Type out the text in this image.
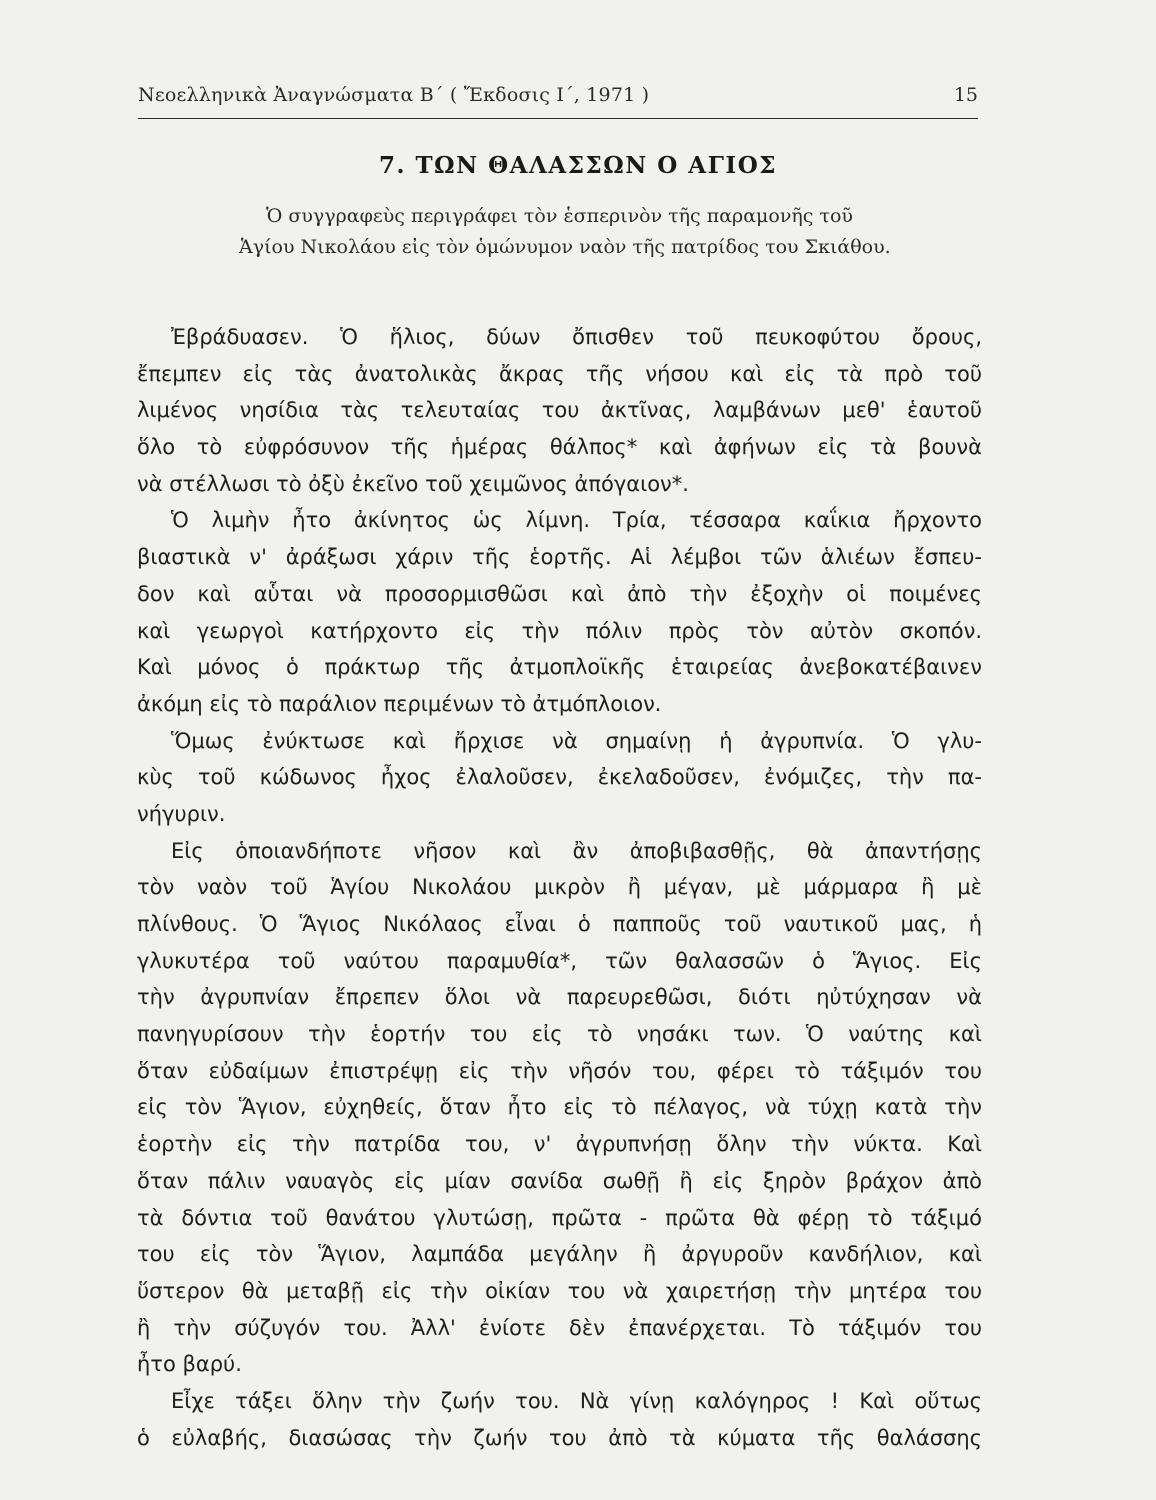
Νεοελληνικὰ Ἀναγνώσματα Β΄ ( Ἔκδοσις Ι΄, 1971 )	15
7. ΤΩΝ ΘΑΛΑΣΣΩΝ Ο ΑΓΙΟΣ
Ὁ συγγραφεὺς περιγράφει τὸν ἑσπερινὸν τῆς παραμονῆς τοῦ
Ἁγίου Νικολάου εἰς τὸν ὁμώνυμον ναὸν τῆς πατρίδος του Σκιάθου.
Ἐβράδυασεν. Ὁ ἥλιος, δύων ὄπισθεν τοῦ πευκοφύτου ὄρους,
ἔπεμπεν εἰς τὰς ἀνατολικὰς ἄκρας τῆς νήσου καὶ εἰς τὰ πρὸ τοῦ
λιμένος νησίδια τὰς τελευταίας του ἀκτῖνας, λαμβάνων μεθ' ἑαυτοῦ
ὅλο τὸ εὐφρόσυνον τῆς ἡμέρας θάλπος* καὶ ἀφήνων εἰς τὰ βουνὰ
νὰ στέλλωσι τὸ ὀξὺ ἐκεῖνο τοῦ χειμῶνος ἀπόγαιον*.
Ὁ λιμὴν ἦτο ἀκίνητος ὡς λίμνη. Τρία, τέσσαρα καΐκια ἤρχοντο
βιαστικὰ ν' ἀράξωσι χάριν τῆς ἑορτῆς. Αἱ λέμβοι τῶν ἁλιέων ἔσπευ-
δον καὶ αὗται νὰ προσορμισθῶσι καὶ ἀπὸ τὴν ἐξοχὴν οἱ ποιμένες
καὶ γεωργοὶ κατήρχοντο εἰς τὴν πόλιν πρὸς τὸν αὐτὸν σκοπόν.
Καὶ μόνος ὁ πράκτωρ τῆς ἀτμοπλοϊκῆς ἑταιρείας ἀνεβοκατέβαινεν
ἀκόμη εἰς τὸ παράλιον περιμένων τὸ ἀτμόπλοιον.
Ὅμως ἐνύκτωσε καὶ ἤρχισε νὰ σημαίνῃ ἡ ἀγρυπνία. Ὁ γλυ-
κὺς τοῦ κώδωνος ἦχος ἐλαλοῦσεν, ἐκελαδοῦσεν, ἐνόμιζες, τὴν πα-
νήγυριν.
Εἰς ὁποιανδήποτε νῆσον καὶ ἂν ἀποβιβασθῇς, θὰ ἀπαντήσῃς
τὸν ναὸν τοῦ Ἁγίου Νικολάου μικρὸν ἢ μέγαν, μὲ μάρμαρα ἢ μὲ
πλίνθους. Ὁ Ἅγιος Νικόλαος εἶναι ὁ παπποῦς τοῦ ναυτικοῦ μας, ἡ
γλυκυτέρα τοῦ ναύτου παραμυθία*, τῶν θαλασσῶν ὁ Ἅγιος. Εἰς
τὴν ἀγρυπνίαν ἔπρεπεν ὅλοι νὰ παρευρεθῶσι, διότι ηὐτύχησαν νὰ
πανηγυρίσουν τὴν ἑορτήν του εἰς τὸ νησάκι των. Ὁ ναύτης καὶ
ὅταν εὐδαίμων ἐπιστρέψῃ εἰς τὴν νῆσόν του, φέρει τὸ τάξιμόν του
εἰς τὸν Ἅγιον, εὐχηθείς, ὅταν ἦτο εἰς τὸ πέλαγος, νὰ τύχῃ κατὰ τὴν
ἑορτὴν εἰς τὴν πατρίδα του, ν' ἀγρυπνήσῃ ὅλην τὴν νύκτα. Καὶ
ὅταν πάλιν ναυαγὸς εἰς μίαν σανίδα σωθῇ ἢ εἰς ξηρὸν βράχον ἀπὸ
τὰ δόντια τοῦ θανάτου γλυτώσῃ, πρῶτα - πρῶτα θὰ φέρῃ τὸ τάξιμό
του εἰς τὸν Ἅγιον, λαμπάδα μεγάλην ἢ ἀργυροῦν κανδήλιον, καὶ
ὕστερον θὰ μεταβῇ εἰς τὴν οἰκίαν του νὰ χαιρετήσῃ τὴν μητέρα του
ἢ τὴν σύζυγόν του. Ἀλλ' ἐνίοτε δὲν ἐπανέρχεται. Τὸ τάξιμόν του
ἦτο βαρύ.
Εἶχε τάξει ὅλην τὴν ζωήν του. Νὰ γίνῃ καλόγηρος ! Καὶ οὕτως
ὁ εὐλαβής, διασώσας τὴν ζωήν του ἀπὸ τὰ κύματα τῆς θαλάσσης
